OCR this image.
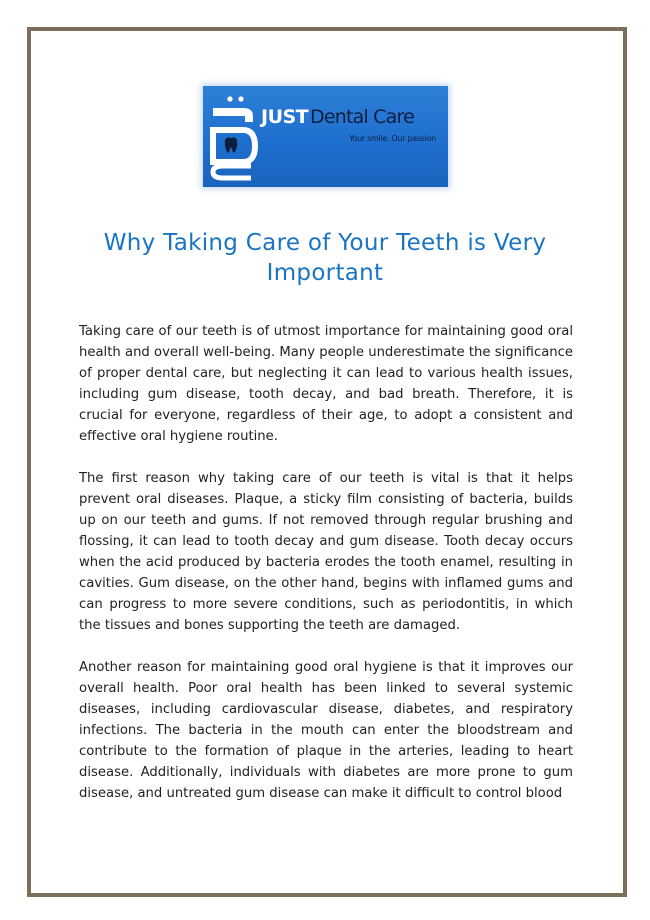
JUST Dental Care
Your smile. Our passion
Why Taking Care of Your Teeth is Very Important

Taking care of our teeth is of utmost importance for maintaining good oral health and overall well-being. Many people underestimate the significance of proper dental care, but neglecting it can lead to various health issues, including gum disease, tooth decay, and bad breath. Therefore, it is crucial for everyone, regardless of their age, to adopt a consistent and effective oral hygiene routine.

The first reason why taking care of our teeth is vital is that it helps prevent oral diseases. Plaque, a sticky film consisting of bacteria, builds up on our teeth and gums. If not removed through regular brushing and flossing, it can lead to tooth decay and gum disease. Tooth decay occurs when the acid produced by bacteria erodes the tooth enamel, resulting in cavities. Gum disease, on the other hand, begins with inflamed gums and can progress to more severe conditions, such as periodontitis, in which the tissues and bones supporting the teeth are damaged.

Another reason for maintaining good oral hygiene is that it improves our overall health. Poor oral health has been linked to several systemic diseases, including cardiovascular disease, diabetes, and respiratory infections. The bacteria in the mouth can enter the bloodstream and contribute to the formation of plaque in the arteries, leading to heart disease. Additionally, individuals with diabetes are more prone to gum disease, and untreated gum disease can make it difficult to control blood
